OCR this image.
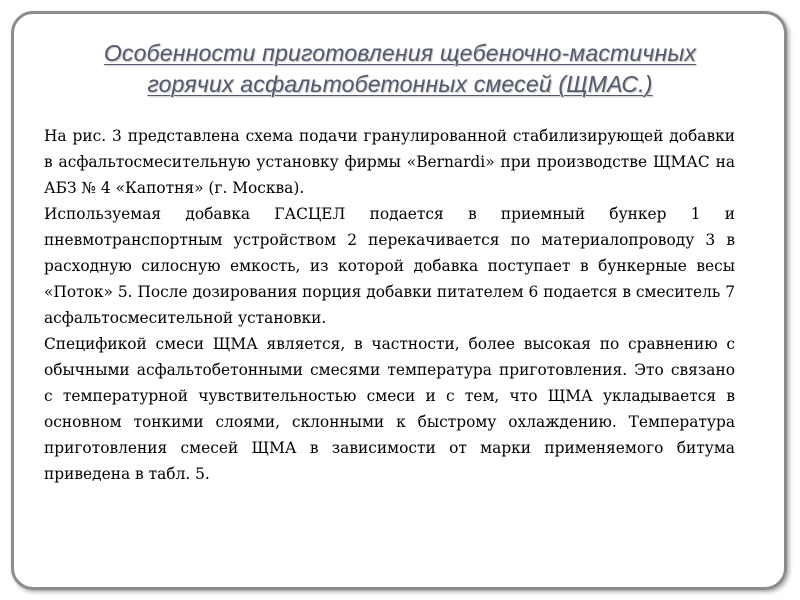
Особенности приготовления щебеночно-мастичных
горячих асфальтобетонных смесей (ЩМАС.)

На рис. 3 представлена схема подачи гранулированной стабилизирующей добавки в асфальтосмесительную установку фирмы «Bernardi» при производстве ЩМАС на АБЗ № 4 «Капотня» (г. Москва).

Используемая добавка ГАСЦЕЛ подается в приемный бункер 1 и пневмотранспортным устройством 2 перекачивается по материалопроводу 3 в расходную силосную емкость, из которой добавка поступает в бункерные весы «Поток» 5. После дозирования порция добавки питателем 6 подается в смеситель 7 асфальтосмесительной установки.

Спецификой смеси ЩМА является, в частности, более высокая по сравнению с обычными асфальтобетонными смесями температура приготовления. Это связано с температурной чувствительностью смеси и с тем, что ЩМА укладывается в основном тонкими слоями, склонными к быстрому охлаждению. Температура приготовления смесей ЩМА в зависимости от марки применяемого битума приведена в табл. 5.
